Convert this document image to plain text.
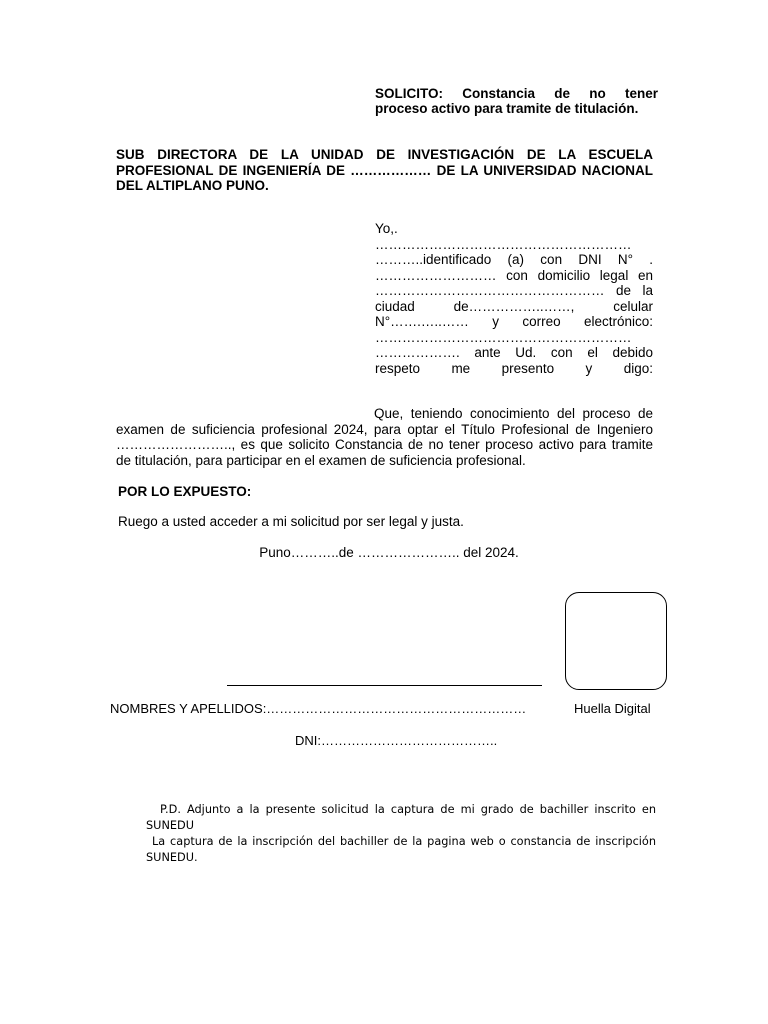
SOLICITO: Constancia de no tener
proceso activo para tramite de titulación.
SUB DIRECTORA DE LA UNIDAD DE INVESTIGACIÓN DE LA ESCUELA PROFESIONAL DE INGENIERÍA DE ……………… DE LA UNIVERSIDAD NACIONAL DEL ALTIPLANO PUNO.
Yo,.
…………………………………………………
………..identificado (a) con DNI N° .
……………………… con domicilio legal en
…………………………………………… de la
ciudad de……………..……, celular
N°…….…..…… y correo electrónico:
…………………………………………………
………………. ante Ud. con el debido
respeto me presento y digo:
Que, teniendo conocimiento del proceso de examen de suficiencia profesional 2024, para optar el Título Profesional de Ingeniero …………………….., es que solicito Constancia de no tener proceso activo para tramite de titulación, para participar en el examen de suficiencia profesional.
POR LO EXPUESTO:
Ruego a usted acceder a mi solicitud por ser legal y justa.
Puno………..de ………………….. del 2024.
NOMBRES Y APELLIDOS:……………………………………………………	Huella Digital
DNI:…………………………………..
P.D. Adjunto a la presente solicitud la captura de mi grado de bachiller inscrito en SUNEDU
La captura de la inscripción del bachiller de la pagina web o constancia de inscripción SUNEDU.
